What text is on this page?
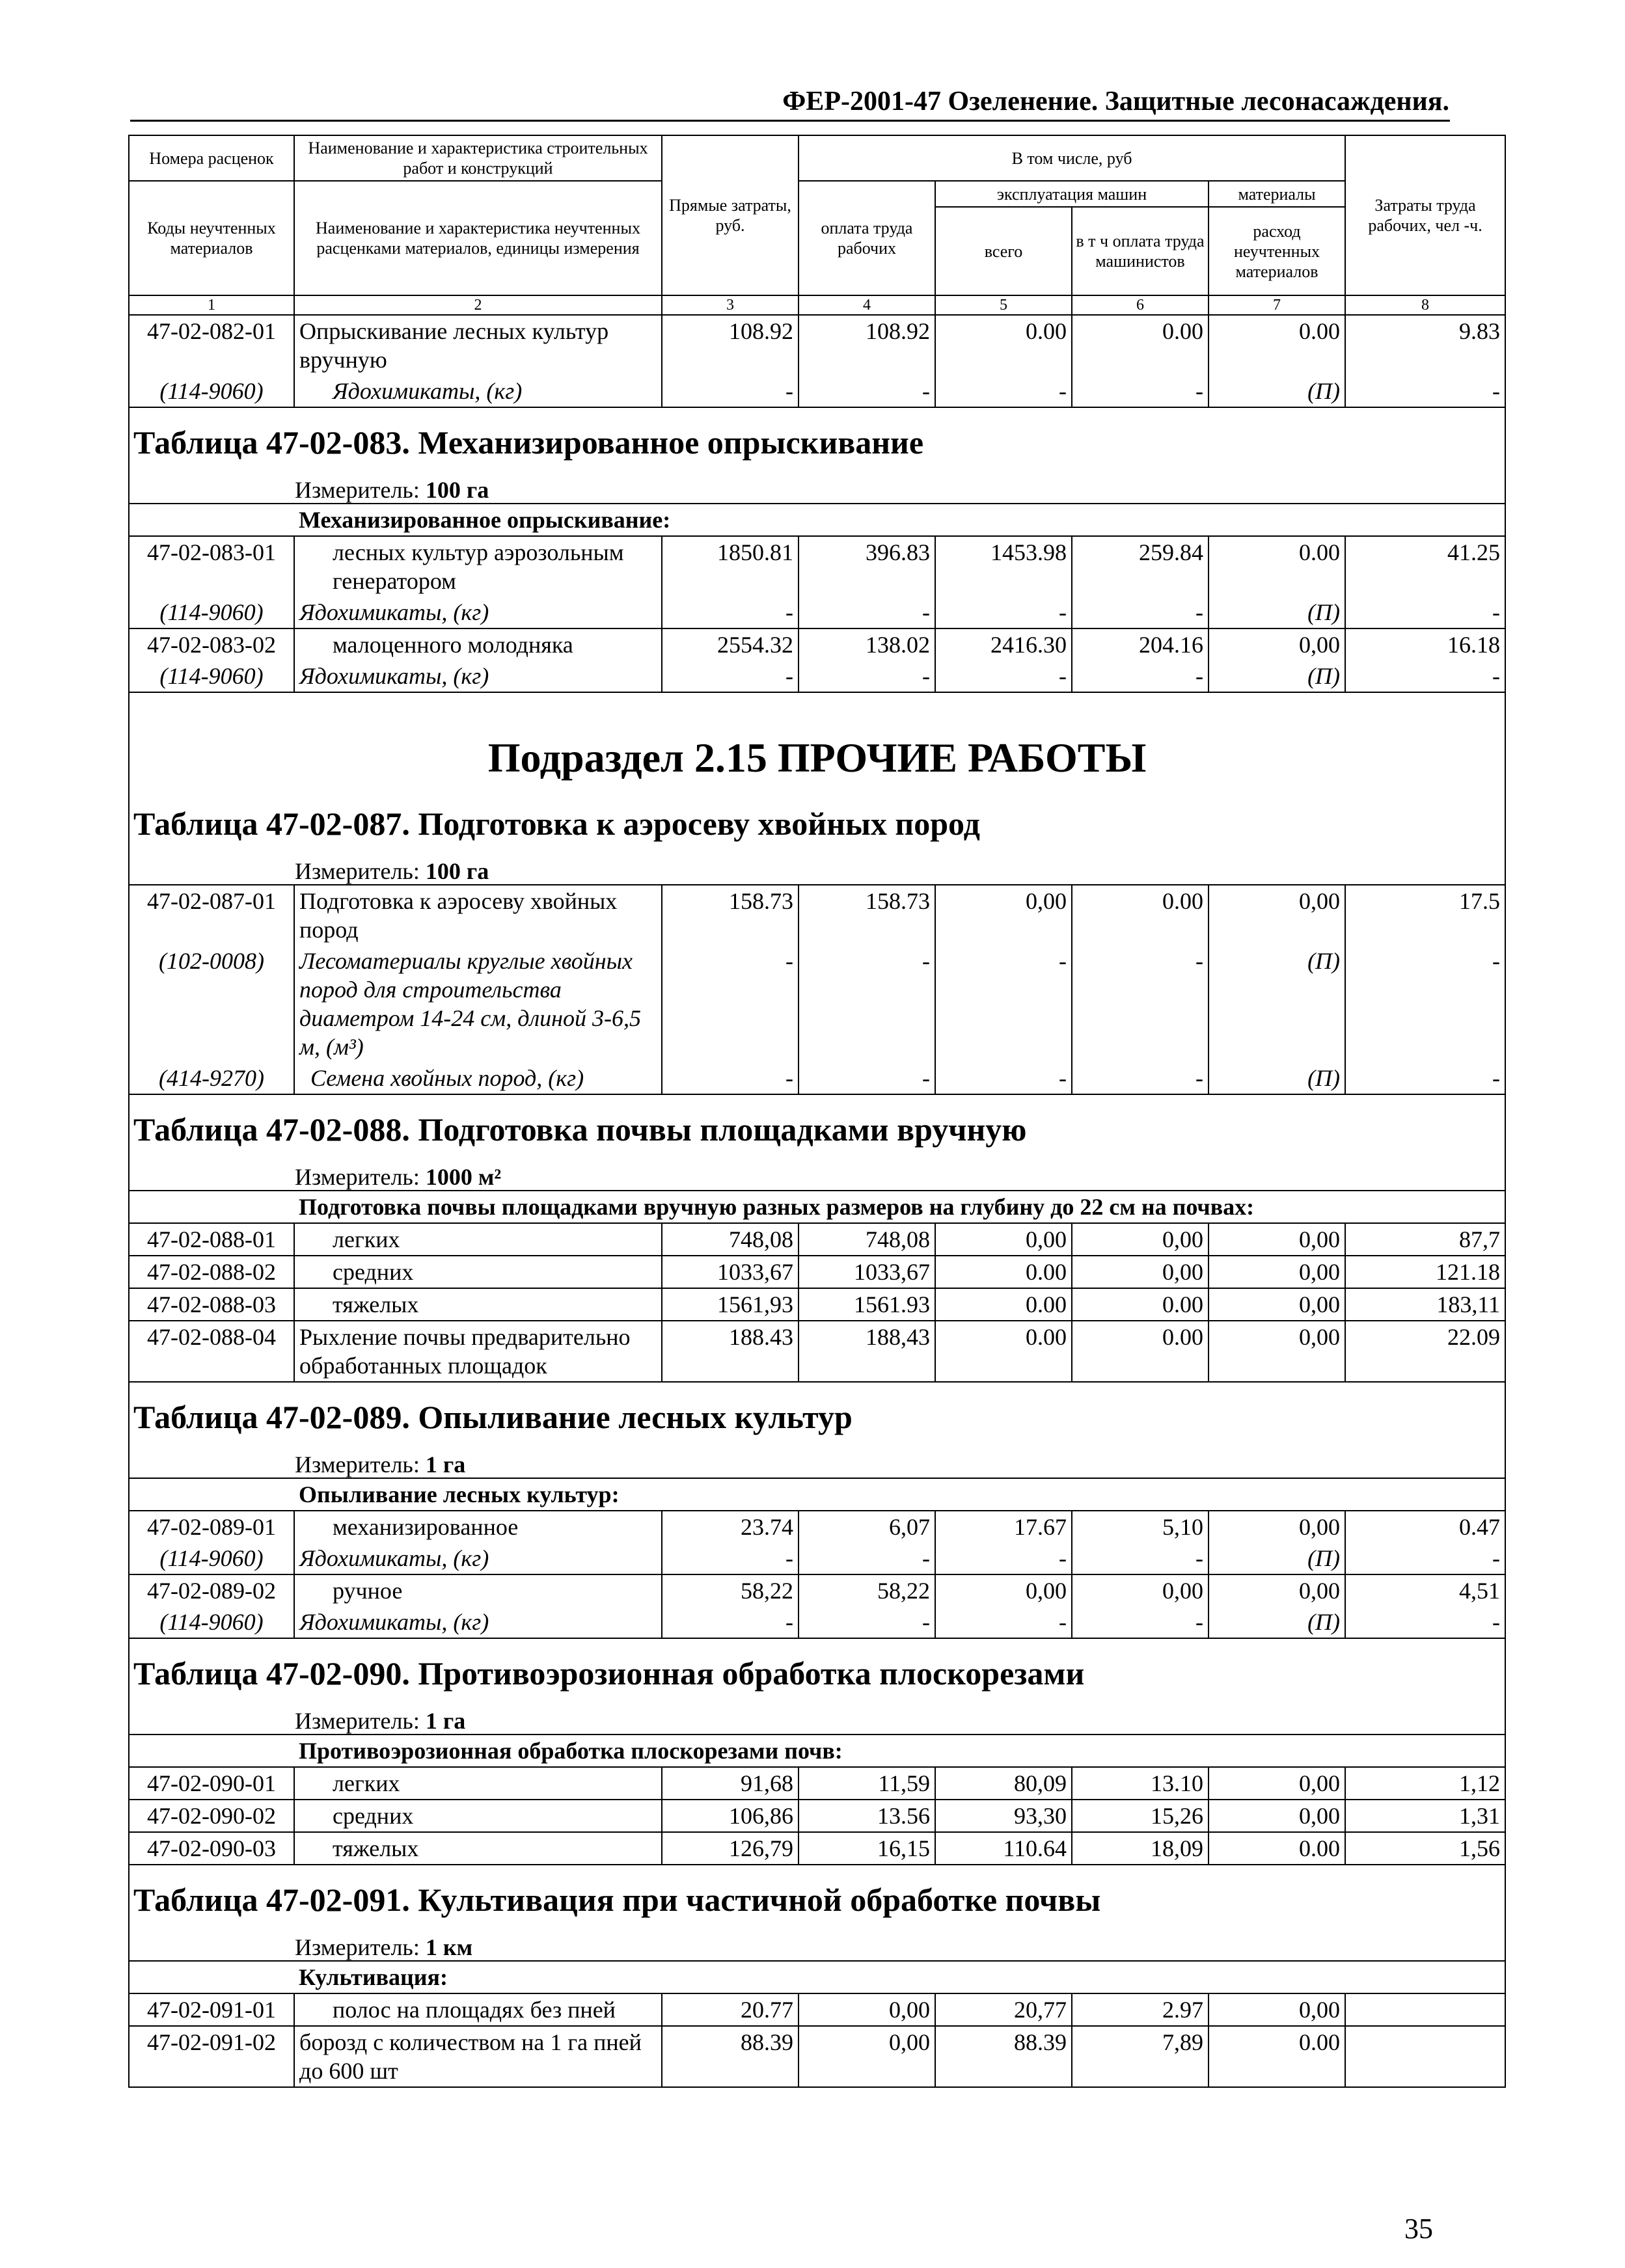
ФЕР-2001-47 Озеленение. Защитные лесонасаждения.
Номера расценок	Наименование и характеристика строительных работ и конструкций	Прямые затраты, руб.	В том числе, руб				Затраты труда рабочих, чел -ч.
Коды неучтенных материалов	Наименование и характеристика неучтенных расценками материалов, единицы измерения		оплата труда рабочих	эксплуатация машин		материалы	
				всего	в т ч оплата труда машинистов	расход неучтенных материалов	
1	2	3	4	5	6	7	8
47-02-082-01	Опрыскивание лесных культур вручную	108.92	108.92	0.00	0.00	0.00	9.83
(114-9060)	Ядохимикаты, (кг)	-	-	-	-	(П)	-

Таблица 47-02-083. Механизированное опрыскивание
Измеритель: 100 га							

	Механизированное опрыскивание:						
47-02-083-01	лесных культур аэрозольным генератором	1850.81	396.83	1453.98	259.84	0.00	41.25
(114-9060)	Ядохимикаты, (кг)	-	-	-	-	(П)	-
47-02-083-02	малоценного молодняка	2554.32	138.02	2416.30	204.16	0,00	16.18
(114-9060)	Ядохимикаты, (кг)	-	-	-	-	(П)	-

Подраздел 2.15 ПРОЧИЕ РАБОТЫ
Таблица 47-02-087. Подготовка к аэросеву хвойных пород
Измеритель: 100 га							

47-02-087-01	Подготовка к аэросеву хвойных пород	158.73	158.73	0,00	0.00	0,00	17.5
(102-0008)	Лесоматериалы круглые хвойных пород для строительства диаметром 14-24 см, длиной 3-6,5 м, (м³)	-	-	-	-	(П)	-
(414-9270)	Семена хвойных пород, (кг)	-	-	-	-	(П)	-

Таблица 47-02-088. Подготовка почвы площадками вручную
Измеритель: 1000 м²							

	Подготовка почвы площадками вручную разных размеров на глубину до 22 см на почвах:						
47-02-088-01	легких	748,08	748,08	0,00	0,00	0,00	87,7
47-02-088-02	средних	1033,67	1033,67	0.00	0,00	0,00	121.18
47-02-088-03	тяжелых	1561,93	1561.93	0.00	0.00	0,00	183,11
47-02-088-04	Рыхление почвы предварительно обработанных площадок	188.43	188,43	0.00	0.00	0,00	22.09

Таблица 47-02-089. Опыливание лесных культур
Измеритель: 1 га							

	Опыливание лесных культур:						
47-02-089-01	механизированное	23.74	6,07	17.67	5,10	0,00	0.47
(114-9060)	Ядохимикаты, (кг)	-	-	-	-	(П)	-
47-02-089-02	ручное	58,22	58,22	0,00	0,00	0,00	4,51
(114-9060)	Ядохимикаты, (кг)	-	-	-	-	(П)	-

Таблица 47-02-090. Противоэрозионная обработка плоскорезами
Измеритель: 1 га							

	Противоэрозионная обработка плоскорезами почв:						
47-02-090-01	легких	91,68	11,59	80,09	13.10	0,00	1,12
47-02-090-02	средних	106,86	13.56	93,30	15,26	0,00	1,31
47-02-090-03	тяжелых	126,79	16,15	110.64	18,09	0.00	1,56

Таблица 47-02-091. Культивация при частичной обработке почвы
Измеритель: 1 км							

	Культивация:						
47-02-091-01	полос на площадях без пней	20.77	0,00	20,77	2.97	0,00	
47-02-091-02	борозд с количеством на 1 га пней до 600 шт	88.39	0,00	88.39	7,89	0.00	
35
